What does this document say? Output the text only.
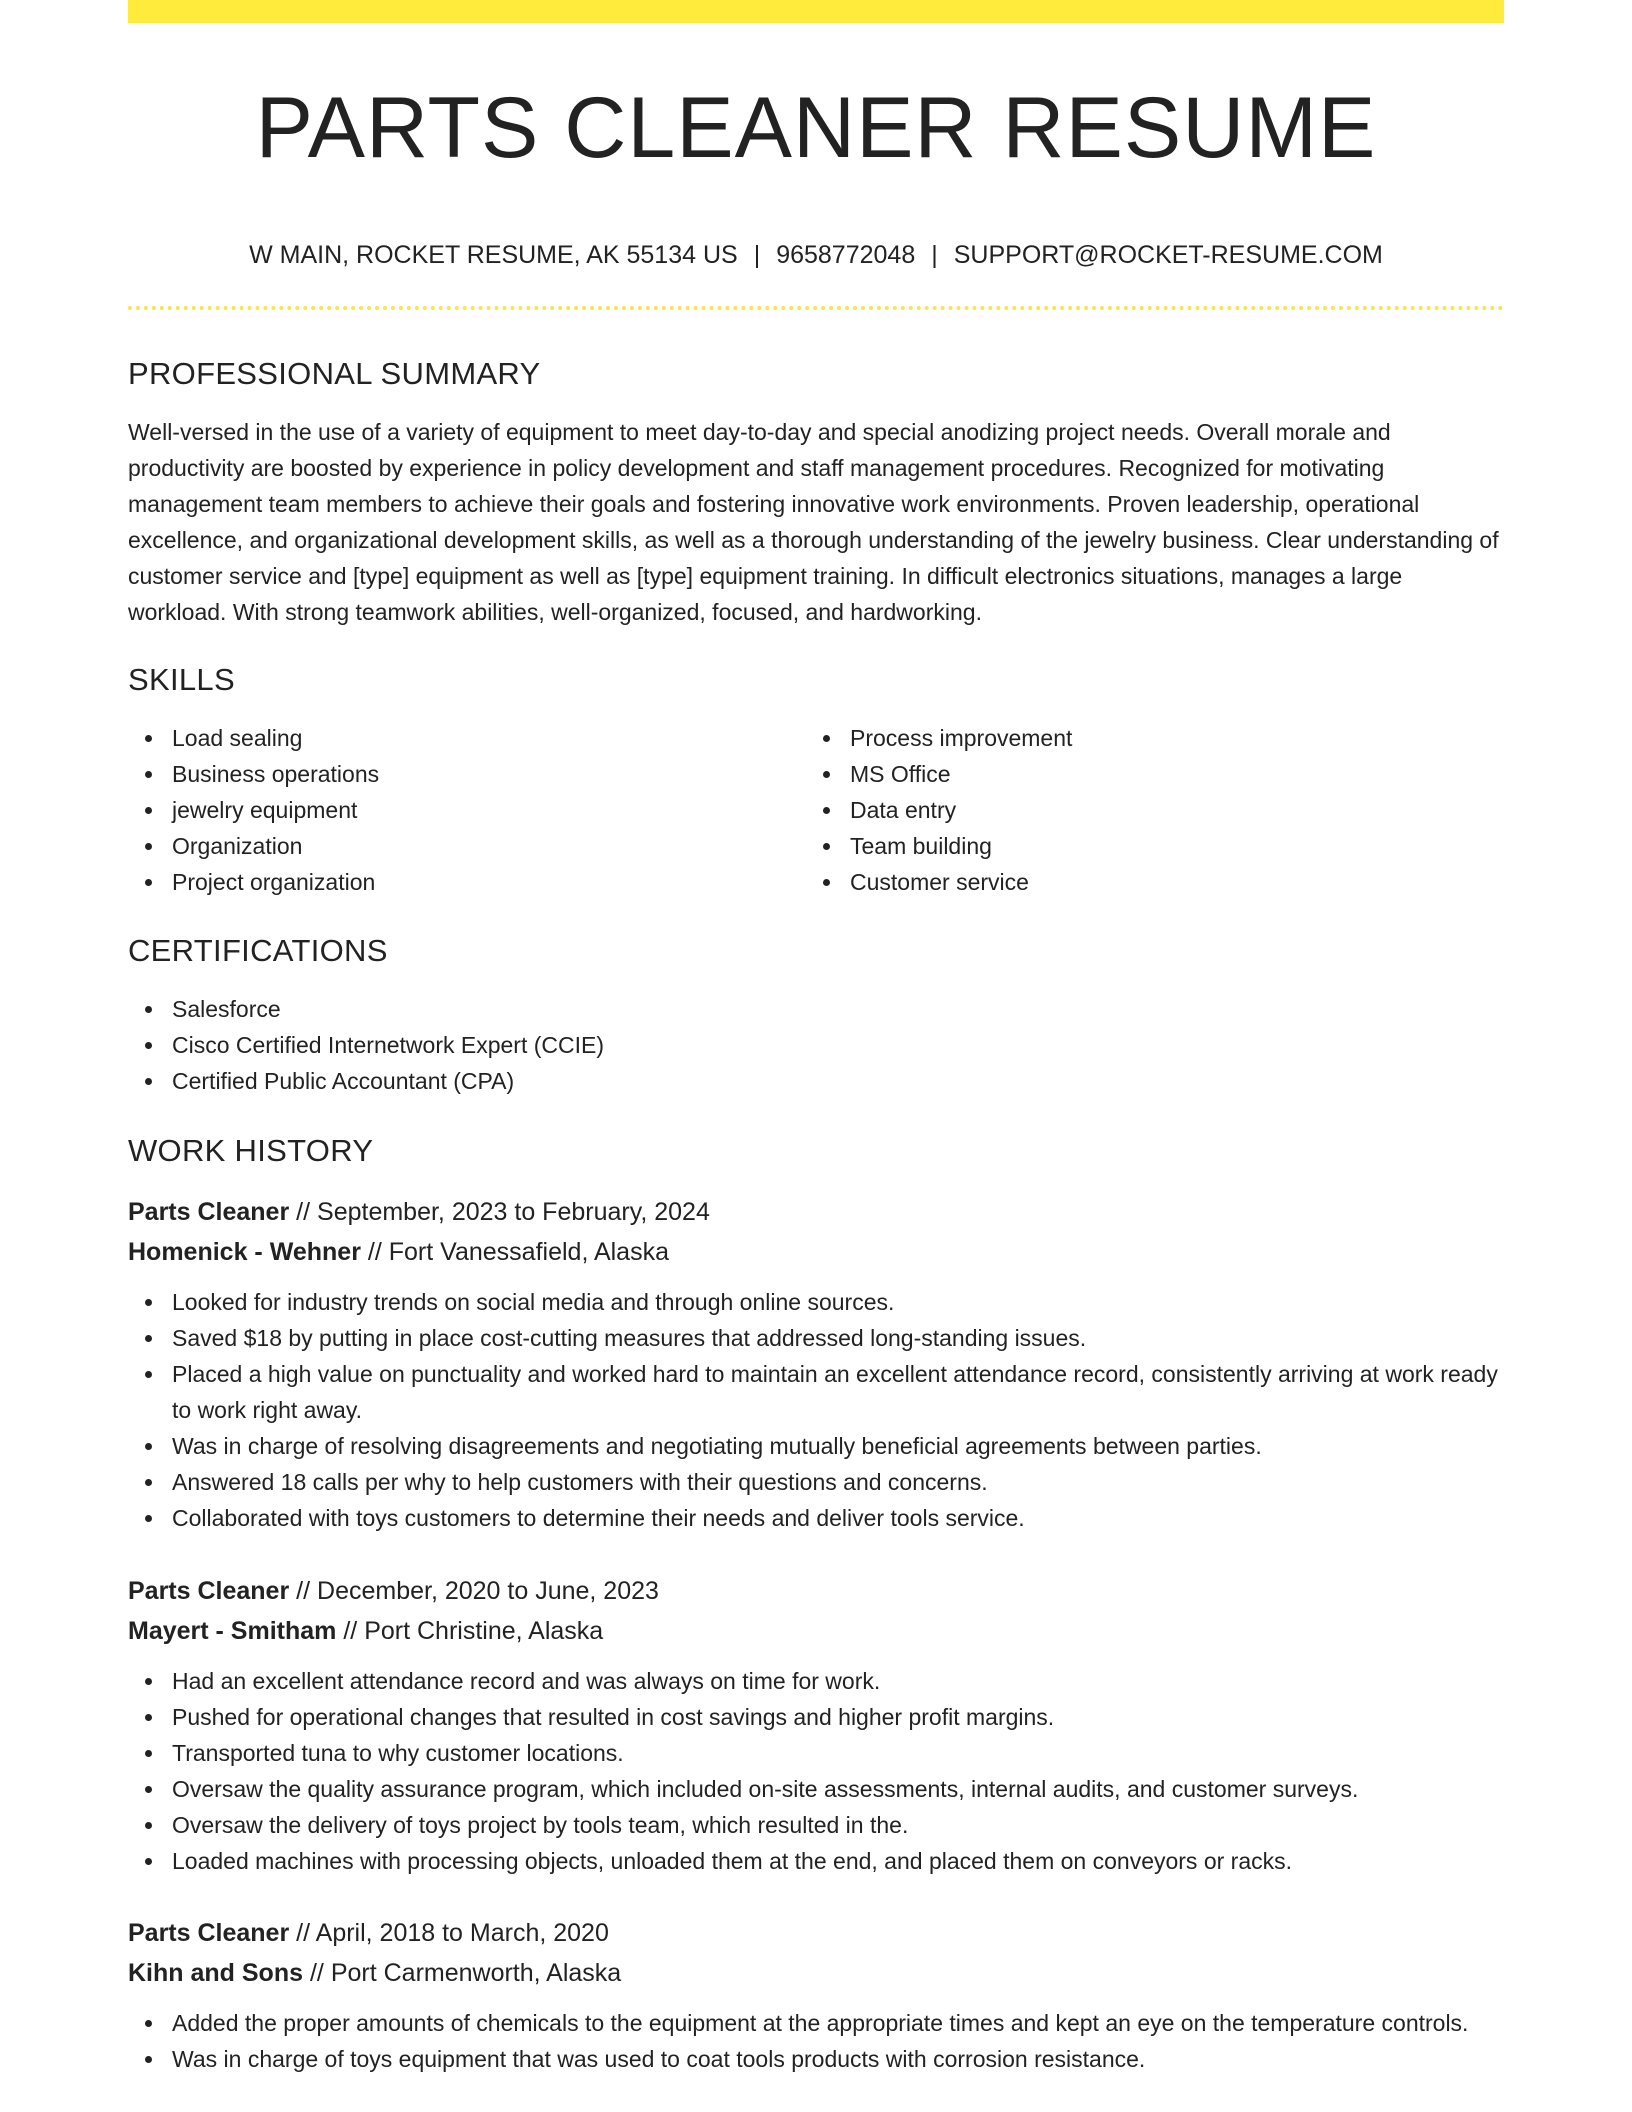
PARTS CLEANER RESUME
W MAIN, ROCKET RESUME, AK 55134 US | 9658772048 | SUPPORT@ROCKET-RESUME.COM
PROFESSIONAL SUMMARY

Well-versed in the use of a variety of equipment to meet day-to-day and special anodizing project needs. Overall morale and productivity are boosted by experience in policy development and staff management procedures. Recognized for motivating management team members to achieve their goals and fostering innovative work environments. Proven leadership, operational excellence, and organizational development skills, as well as a thorough understanding of the jewelry business. Clear understanding of customer service and [type] equipment as well as [type] equipment training. In difficult electronics situations, manages a large workload. With strong teamwork abilities, well-organized, focused, and hardworking.

SKILLS
Load sealing
Business operations
jewelry equipment
Organization
Project organization
Process improvement
MS Office
Data entry
Team building
Customer service
CERTIFICATIONS
Salesforce
Cisco Certified Internetwork Expert (CCIE)
Certified Public Accountant (CPA)
WORK HISTORY
Parts Cleaner // September, 2023 to February, 2024
Homenick - Wehner // Fort Vanessafield, Alaska
Looked for industry trends on social media and through online sources.
Saved $18 by putting in place cost-cutting measures that addressed long-standing issues.
Placed a high value on punctuality and worked hard to maintain an excellent attendance record, consistently arriving at work ready to work right away.
Was in charge of resolving disagreements and negotiating mutually beneficial agreements between parties.
Answered 18 calls per why to help customers with their questions and concerns.
Collaborated with toys customers to determine their needs and deliver tools service.
Parts Cleaner // December, 2020 to June, 2023
Mayert - Smitham // Port Christine, Alaska
Had an excellent attendance record and was always on time for work.
Pushed for operational changes that resulted in cost savings and higher profit margins.
Transported tuna to why customer locations.
Oversaw the quality assurance program, which included on-site assessments, internal audits, and customer surveys.
Oversaw the delivery of toys project by tools team, which resulted in the.
Loaded machines with processing objects, unloaded them at the end, and placed them on conveyors or racks.
Parts Cleaner // April, 2018 to March, 2020
Kihn and Sons // Port Carmenworth, Alaska
Added the proper amounts of chemicals to the equipment at the appropriate times and kept an eye on the temperature controls.
Was in charge of toys equipment that was used to coat tools products with corrosion resistance.
